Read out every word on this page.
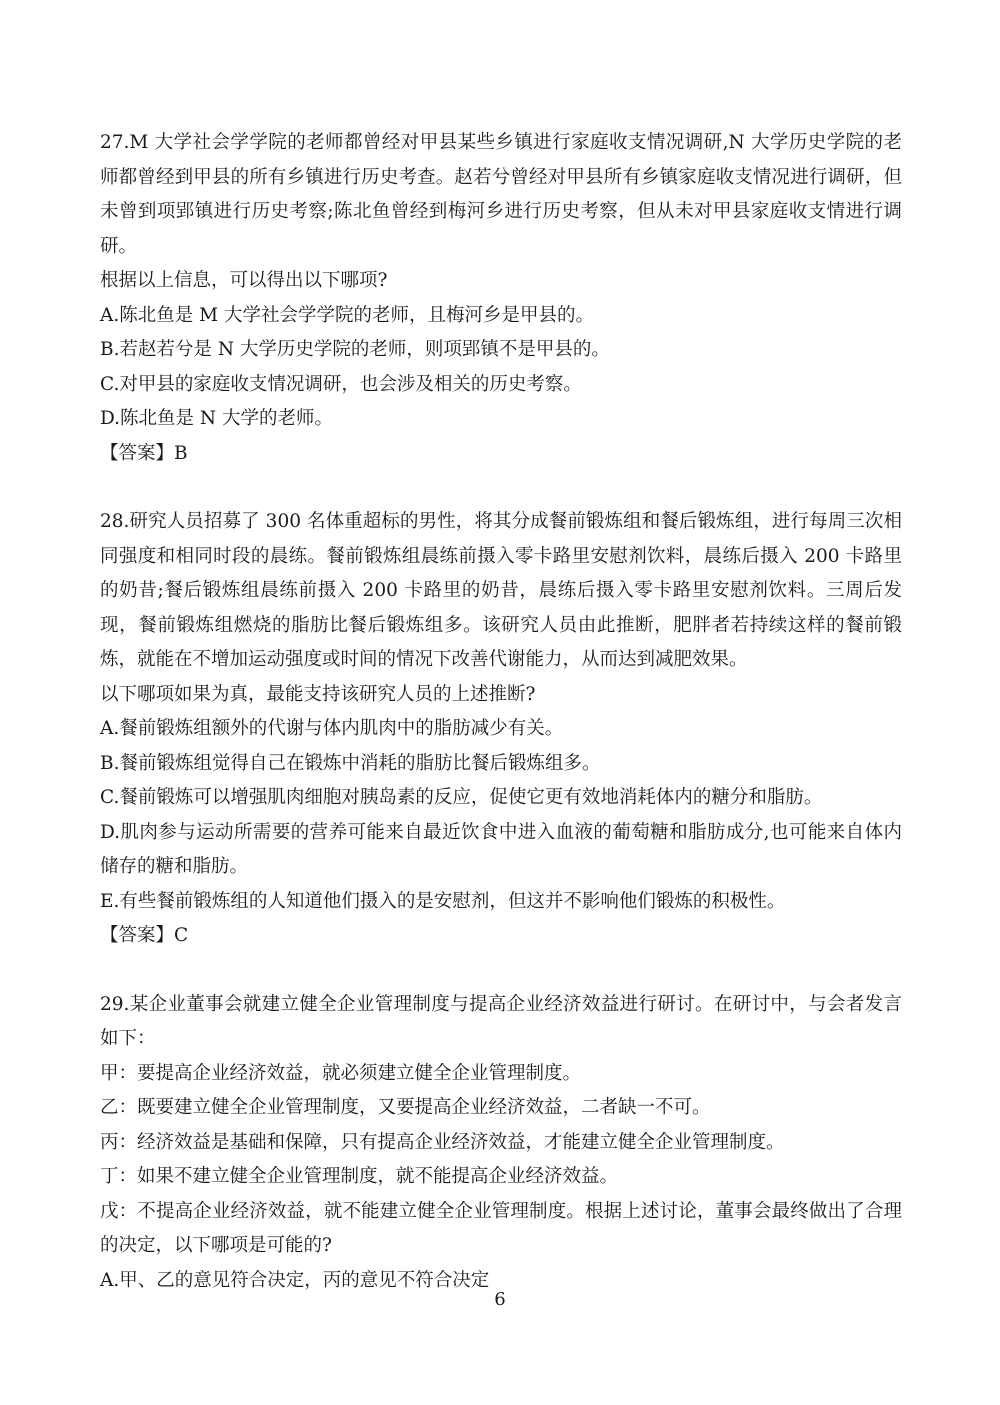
27.M 大学社会学学院的老师都曾经对甲县某些乡镇进行家庭收支情况调研,N 大学历史学院的老师都曾经到甲县的所有乡镇进行历史考查。赵若兮曾经对甲县所有乡镇家庭收支情况进行调研，但未曾到项郢镇进行历史考察;陈北鱼曾经到梅河乡进行历史考察，但从未对甲县家庭收支情进行调研。

根据以上信息，可以得出以下哪项?

A.陈北鱼是 M 大学社会学学院的老师，且梅河乡是甲县的。

B.若赵若兮是 N 大学历史学院的老师，则项郢镇不是甲县的。

C.对甲县的家庭收支情况调研，也会涉及相关的历史考察。

D.陈北鱼是 N 大学的老师。

【答案】B

28.研究人员招募了 300 名体重超标的男性，将其分成餐前锻炼组和餐后锻炼组，进行每周三次相同强度和相同时段的晨练。餐前锻炼组晨练前摄入零卡路里安慰剂饮料，晨练后摄入 200 卡路里的奶昔;餐后锻炼组晨练前摄入 200 卡路里的奶昔，晨练后摄入零卡路里安慰剂饮料。三周后发现，餐前锻炼组燃烧的脂肪比餐后锻炼组多。该研究人员由此推断，肥胖者若持续这样的餐前锻炼，就能在不增加运动强度或时间的情况下改善代谢能力，从而达到减肥效果。

以下哪项如果为真，最能支持该研究人员的上述推断?

A.餐前锻炼组额外的代谢与体内肌肉中的脂肪减少有关。

B.餐前锻炼组觉得自己在锻炼中消耗的脂肪比餐后锻炼组多。

C.餐前锻炼可以增强肌肉细胞对胰岛素的反应，促使它更有效地消耗体内的糖分和脂肪。

D.肌肉参与运动所需要的营养可能来自最近饮食中进入血液的葡萄糖和脂肪成分,也可能来自体内储存的糖和脂肪。

E.有些餐前锻炼组的人知道他们摄入的是安慰剂，但这并不影响他们锻炼的积极性。

【答案】C

29.某企业董事会就建立健全企业管理制度与提高企业经济效益进行研讨。在研讨中，与会者发言如下：

甲：要提高企业经济效益，就必须建立健全企业管理制度。

乙：既要建立健全企业管理制度，又要提高企业经济效益，二者缺一不可。

丙：经济效益是基础和保障，只有提高企业经济效益，才能建立健全企业管理制度。

丁：如果不建立健全企业管理制度，就不能提高企业经济效益。

戊：不提高企业经济效益，就不能建立健全企业管理制度。根据上述讨论，董事会最终做出了合理的决定，以下哪项是可能的?

A.甲、乙的意见符合决定，丙的意见不符合决定

6
